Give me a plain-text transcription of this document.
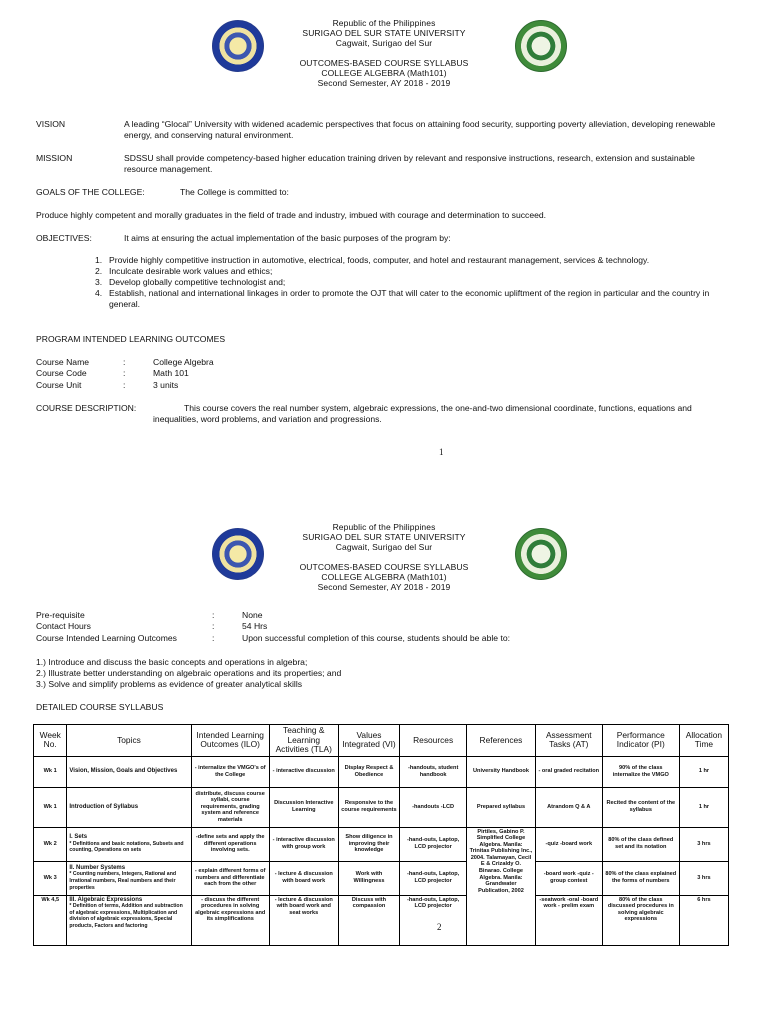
Republic of the Philippines
SURIGAO DEL SUR STATE UNIVERSITY
Cagwait, Surigao del Sur
OUTCOMES-BASED COURSE SYLLABUS
COLLEGE ALGEBRA (Math101)
Second Semester, AY 2018 - 2019
VISION	A leading “Glocal” University with widened academic perspectives that focus on attaining food security, supporting poverty alleviation, developing renewable energy, and conserving natural environment.
MISSION	SDSSU shall provide competency-based higher education training driven by relevant and responsive instructions, research, extension and sustainable resource management.
GOALS OF THE COLLEGE:	The College is committed to:
Produce highly competent and morally graduates in the field of trade and industry, imbued with courage and determination to succeed.
OBJECTIVES:	It aims at ensuring the actual implementation of the basic purposes of the program by:
1. Provide highly competitive instruction in automotive, electrical, foods, computer, and hotel and restaurant management, services & technology.
2. Inculcate desirable work values and ethics;
3. Develop globally competitive technologist and;
4. Establish, national and international linkages in order to promote the OJT that will cater to the economic upliftment of the region in particular and the country in general.
PROGRAM INTENDED LEARNING OUTCOMES
Course Name	:	College Algebra
Course Code	:	Math 101
Course Unit	:	3 units
COURSE DESCRIPTION:	This course covers the real number system, algebraic expressions, the one-and-two dimensional coordinate, functions, equations and inequalities, word problems, and variation and progressions.
1
Republic of the Philippines
SURIGAO DEL SUR STATE UNIVERSITY
Cagwait, Surigao del Sur
OUTCOMES-BASED COURSE SYLLABUS
COLLEGE ALGEBRA (Math101)
Second Semester, AY 2018 - 2019
Pre-requisite	:	None
Contact Hours	:	54 Hrs
Course Intended Learning Outcomes	:	Upon successful completion of this course, students should be able to:
1.) Introduce and discuss the basic concepts and operations in algebra;
2.) Illustrate better understanding on algebraic operations and its properties; and
3.) Solve and simplify problems as evidence of greater analytical skills
DETAILED COURSE SYLLABUS
Week No.	Topics	Intended Learning Outcomes (ILO)	Teaching & Learning Activities (TLA)	Values Integrated (VI)	Resources	References	Assessment Tasks (AT)	Performance Indicator (PI)	Allocation Time
Wk 1	Vision, Mission, Goals and Objectives	- internalize the VMGO's of the College	- interactive discussion	Display Respect & Obedience	-handouts, student handbook	University Handbook	- oral graded recitation	90% of the class internalize the VMGO	1 hr
Wk 1	Introduction of Syllabus	distribute, discuss course syllabi, course requirements, grading system and reference materials	Discussion Interactive Learning	Responsive to the course requirements	-handouts -LCD	Prepared syllabus	Atrandom Q & A	Recited the content of the syllabus	1 hr
Wk 2	I. Sets
* Definitions and basic notations, Subsets and counting, Operations on sets	-define sets and apply the different operations involving sets.	- interactive discussion with group work	Show diligence in improving their knowledge	-hand-outs, Laptop, LCD projector	Pirtiles, Gabino P. Simplified College Algebra. Manila: Trinitas Publishing Inc., 2004. Talamayan, Cecil E & Crizaldy O. Binarao. College Algebra. Manila: Grandwater Publication, 2002	-quiz -board work	80% of the class defined set and its notation	3 hrs
Wk 3	II. Number Systems
* Counting numbers, Integers, Rational and Irrational numbers, Real numbers and their properties	- explain different forms of numbers and differentiate each from the other	- lecture & discussion with board work	Work with Willingness	-hand-outs, Laptop, LCD projector		-board work -quiz -group contest	80% of the class explained the forms of numbers	3 hrs
Wk 4,5	III. Algebraic Expressions
* Definition of terms, Addition and subtraction of algebraic expressions, Multiplication and division of algebraic expressions, Special products, Factors and factoring	- discuss the different procedures in solving algebraic expressions and its simplifications	- lecture & discussion with board work and seat works	Discuss with compassion	-hand-outs, Laptop, LCD projector		-seatwork -oral -board work - prelim exam	80% of the class discussed procedures in solving algebraic expressions	6 hrs
2
